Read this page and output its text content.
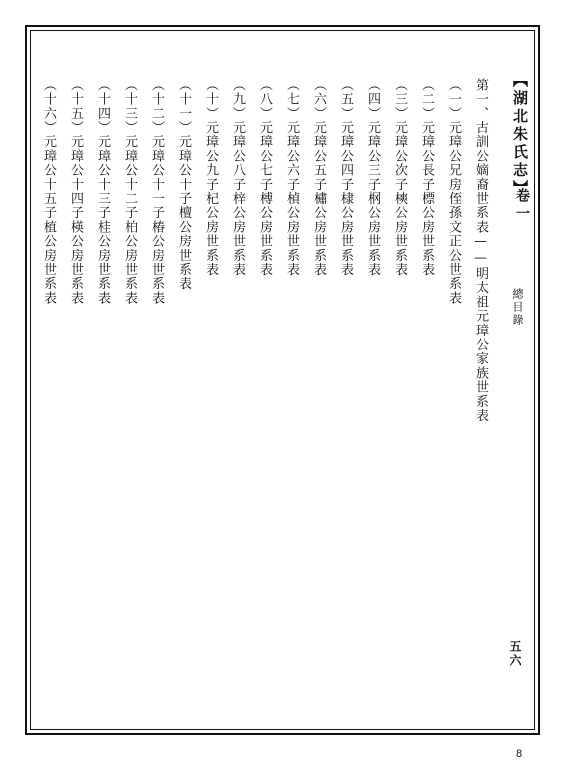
【湖北朱氏志】
卷一
總目錄
五六
第一、古訓公嫡裔世系表——明太祖元璋公家族世系表
（一）元璋公兄房侄孫文正公世系表
（二）元璋公長子標公房世系表
（三）元璋公次子樉公房世系表
（四）元璋公三子㭎公房世系表
（五）元璋公四子棣公房世系表
（六）元璋公五子橚公房世系表
（七）元璋公六子楨公房世系表
（八）元璋公七子榑公房世系表
（九）元璋公八子梓公房世系表
（十）元璋公九子杞公房世系表
（十一）元璋公十子檀公房世系表
（十二）元璋公十一子椿公房世系表
（十三）元璋公十二子柏公房世系表
（十四）元璋公十三子桂公房世系表
（十五）元璋公十四子楧公房世系表
（十六）元璋公十五子植公房世系表
8
